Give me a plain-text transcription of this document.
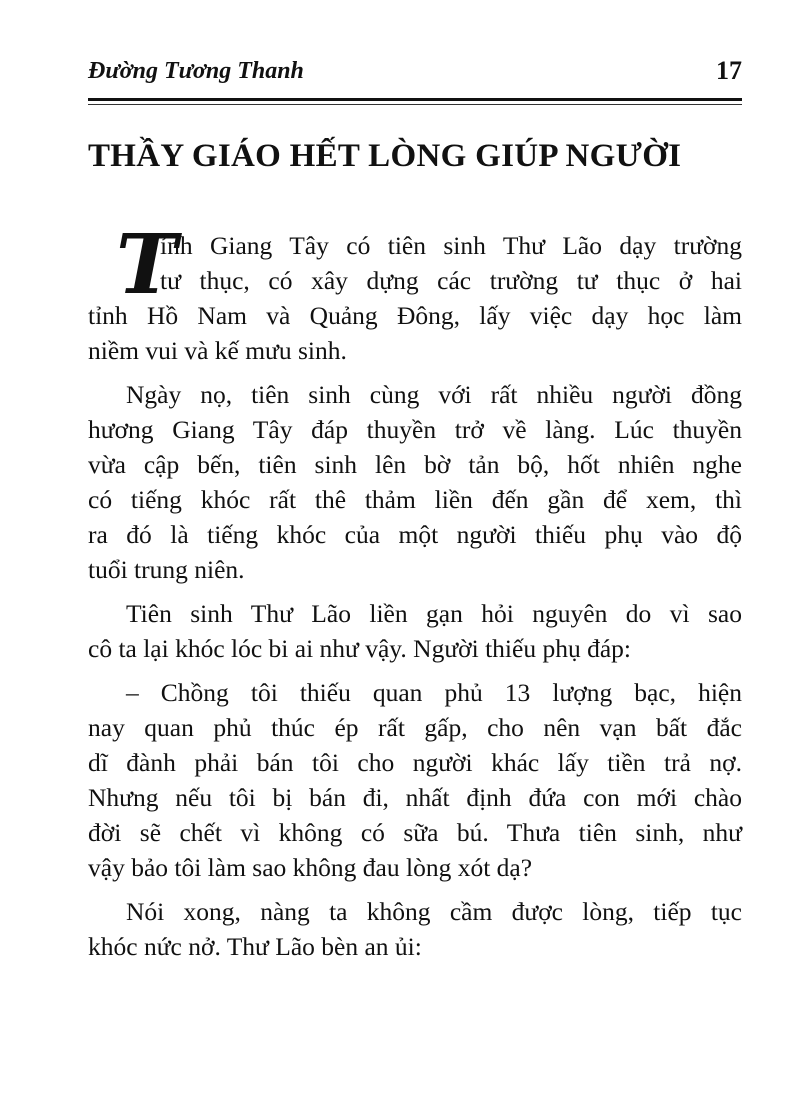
Đường Tương Thanh	17
THẦY GIÁO HẾT LÒNG GIÚP NGƯỜI
T
ỉnh Giang Tây có tiên sinh Thư Lão dạy trường
tư thục, có xây dựng các trường tư thục ở hai
tỉnh Hồ Nam và Quảng Đông, lấy việc dạy học làm
niềm vui và kế mưu sinh.
Ngày nọ, tiên sinh cùng với rất nhiều người đồng
hương Giang Tây đáp thuyền trở về làng. Lúc thuyền
vừa cập bến, tiên sinh lên bờ tản bộ, hốt nhiên nghe
có tiếng khóc rất thê thảm liền đến gần để xem, thì
ra đó là tiếng khóc của một người thiếu phụ vào độ
tuổi trung niên.
Tiên sinh Thư Lão liền gạn hỏi nguyên do vì sao
cô ta lại khóc lóc bi ai như vậy. Người thiếu phụ đáp:
– Chồng tôi thiếu quan phủ 13 lượng bạc, hiện
nay quan phủ thúc ép rất gấp, cho nên vạn bất đắc
dĩ đành phải bán tôi cho người khác lấy tiền trả nợ.
Nhưng nếu tôi bị bán đi, nhất định đứa con mới chào
đời sẽ chết vì không có sữa bú. Thưa tiên sinh, như
vậy bảo tôi làm sao không đau lòng xót dạ?
Nói xong, nàng ta không cầm được lòng, tiếp tục
khóc nức nở. Thư Lão bèn an ủi:
